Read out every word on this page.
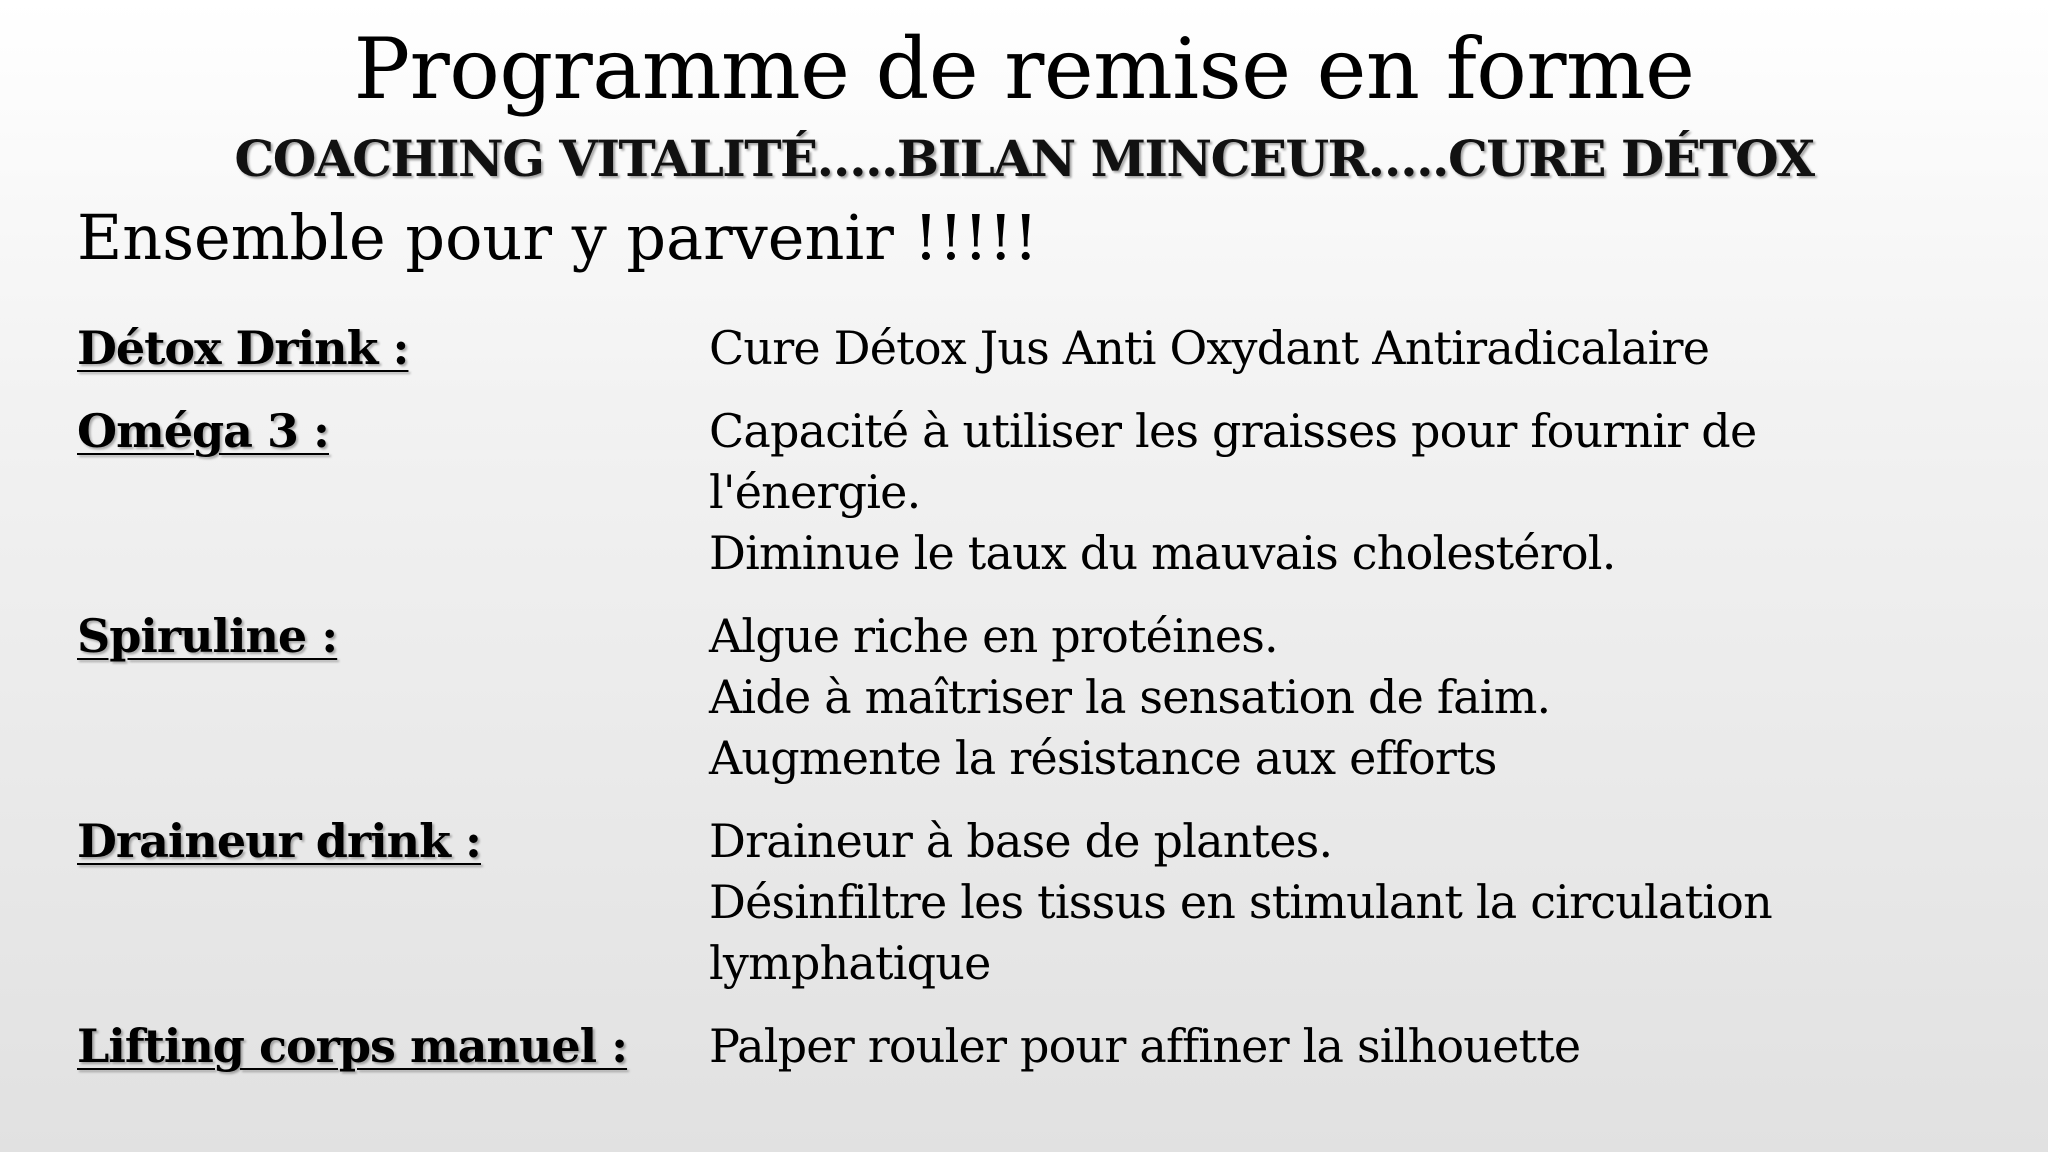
Programme de remise en forme
COACHING VITALITÉ…..BILAN MINCEUR…..CURE DÉTOX
Ensemble pour y parvenir !!!!!
Détox Drink :	Cure Détox Jus Anti Oxydant Antiradicalaire
Oméga 3 :	Capacité à utiliser les graisses pour fournir de
l'énergie.
Diminue le taux du mauvais cholestérol.
Spiruline :	Algue riche en protéines.
Aide à maîtriser la sensation de faim.
Augmente la résistance aux efforts
Draineur drink :	Draineur à base de plantes.
Désinfiltre les tissus en stimulant la circulation
lymphatique
Lifting corps manuel :	Palper rouler pour affiner la silhouette
